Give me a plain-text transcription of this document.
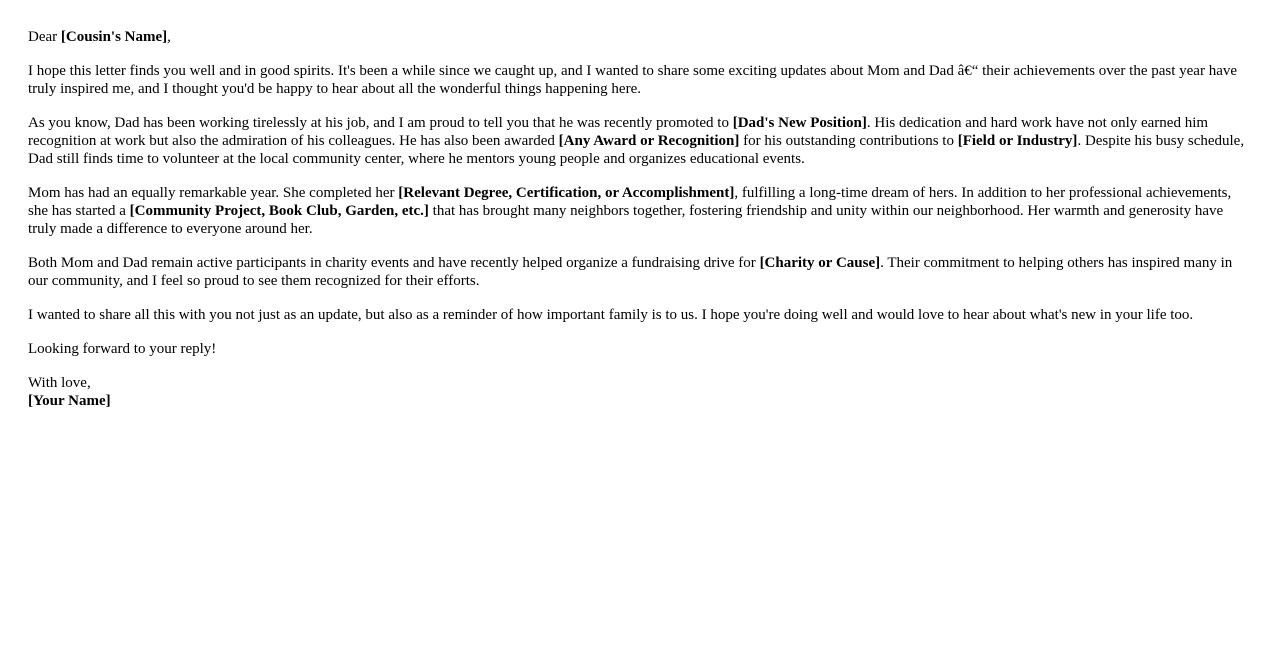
Dear [Cousin's Name],

I hope this letter finds you well and in good spirits. It's been a while since we caught up, and I wanted to share some exciting updates about Mom and Dad â€“ their achievements over the past year have truly inspired me, and I thought you'd be happy to hear about all the wonderful things happening here.

As you know, Dad has been working tirelessly at his job, and I am proud to tell you that he was recently promoted to [Dad's New Position]. His dedication and hard work have not only earned him recognition at work but also the admiration of his colleagues. He has also been awarded [Any Award or Recognition] for his outstanding contributions to [Field or Industry]. Despite his busy schedule, Dad still finds time to volunteer at the local community center, where he mentors young people and organizes educational events.

Mom has had an equally remarkable year. She completed her [Relevant Degree, Certification, or Accomplishment], fulfilling a long-time dream of hers. In addition to her professional achievements, she has started a [Community Project, Book Club, Garden, etc.] that has brought many neighbors together, fostering friendship and unity within our neighborhood. Her warmth and generosity have truly made a difference to everyone around her.

Both Mom and Dad remain active participants in charity events and have recently helped organize a fundraising drive for [Charity or Cause]. Their commitment to helping others has inspired many in our community, and I feel so proud to see them recognized for their efforts.

I wanted to share all this with you not just as an update, but also as a reminder of how important family is to us. I hope you're doing well and would love to hear about what's new in your life too.

Looking forward to your reply!

With love,
[Your Name]
